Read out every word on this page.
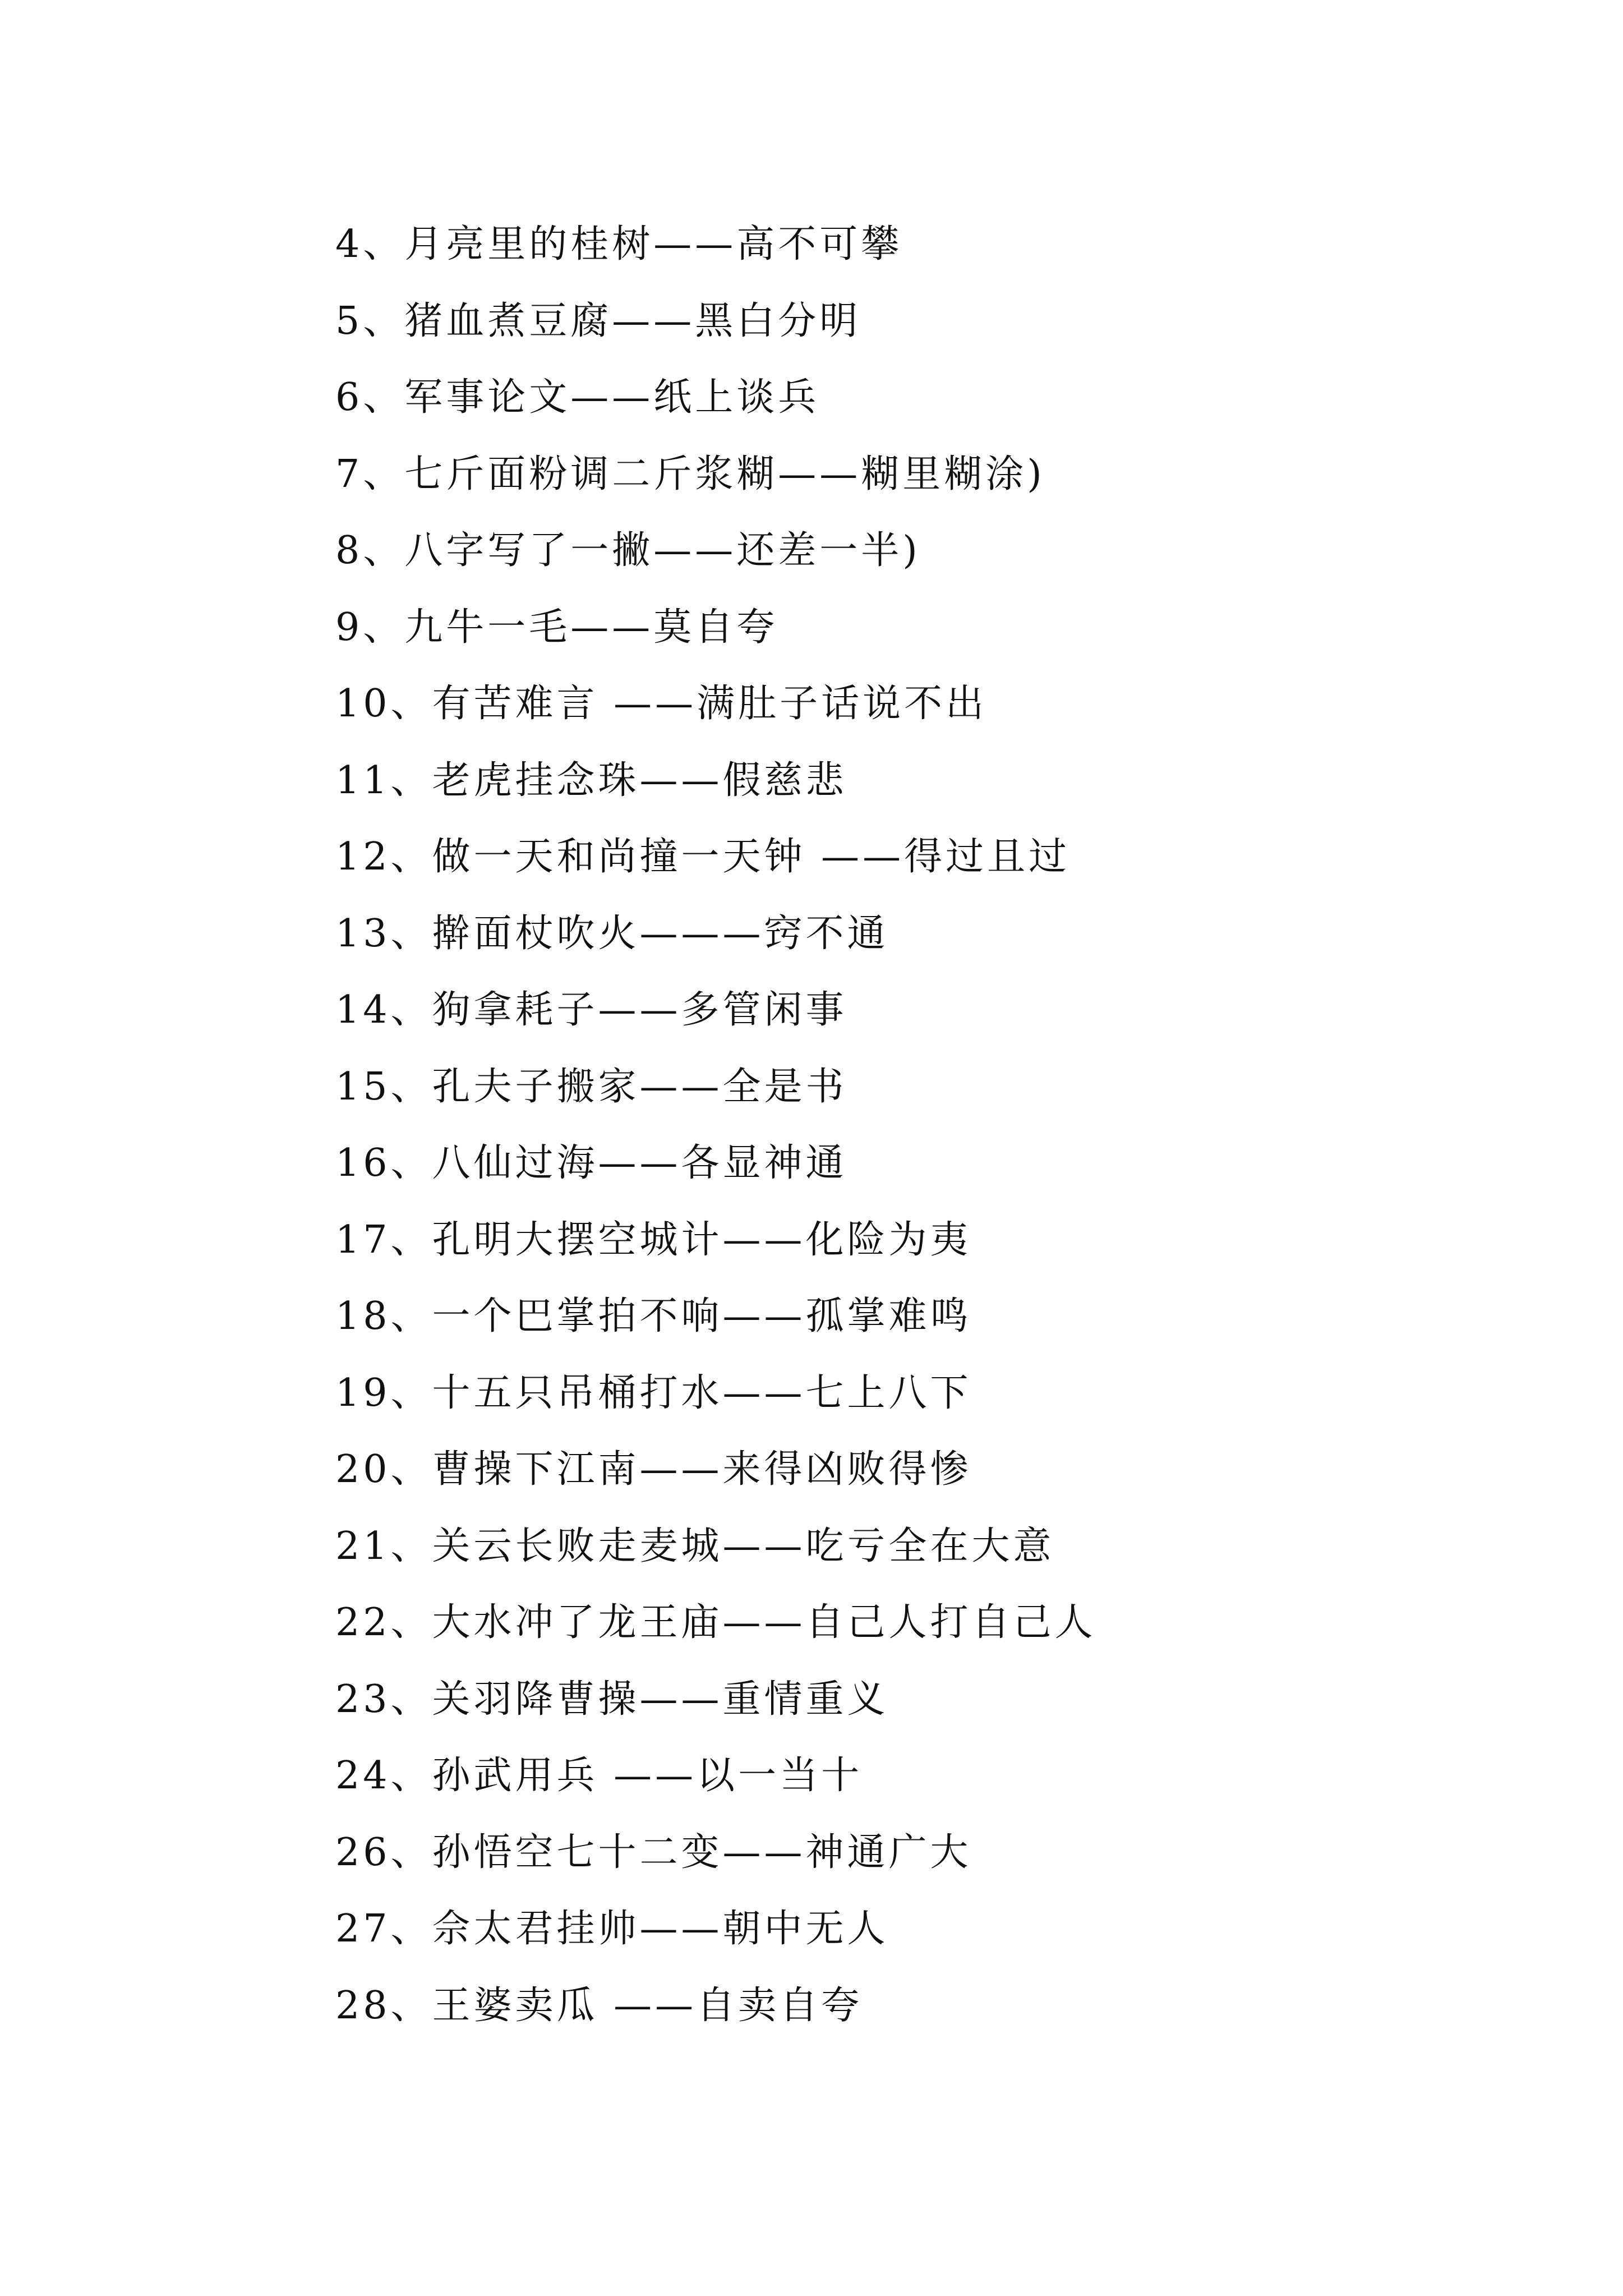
4、月亮里的桂树——高不可攀
5、猪血煮豆腐——黑白分明
6、军事论文——纸上谈兵
7、七斤面粉调二斤浆糊——糊里糊涂)
8、八字写了一撇——还差一半)
9、九牛一毛——莫自夸
10、有苦难言 ——满肚子话说不出
11、老虎挂念珠——假慈悲
12、做一天和尚撞一天钟 ——得过且过
13、擀面杖吹火———窍不通
14、狗拿耗子——多管闲事
15、孔夫子搬家——全是书
16、八仙过海——各显神通
17、孔明大摆空城计——化险为夷
18、一个巴掌拍不响——孤掌难鸣
19、十五只吊桶打水——七上八下
20、曹操下江南——来得凶败得惨
21、关云长败走麦城——吃亏全在大意
22、大水冲了龙王庙——自己人打自己人
23、关羽降曹操——重情重义
24、孙武用兵 ——以一当十
26、孙悟空七十二变——神通广大
27、佘太君挂帅——朝中无人
28、王婆卖瓜 ——自卖自夸
